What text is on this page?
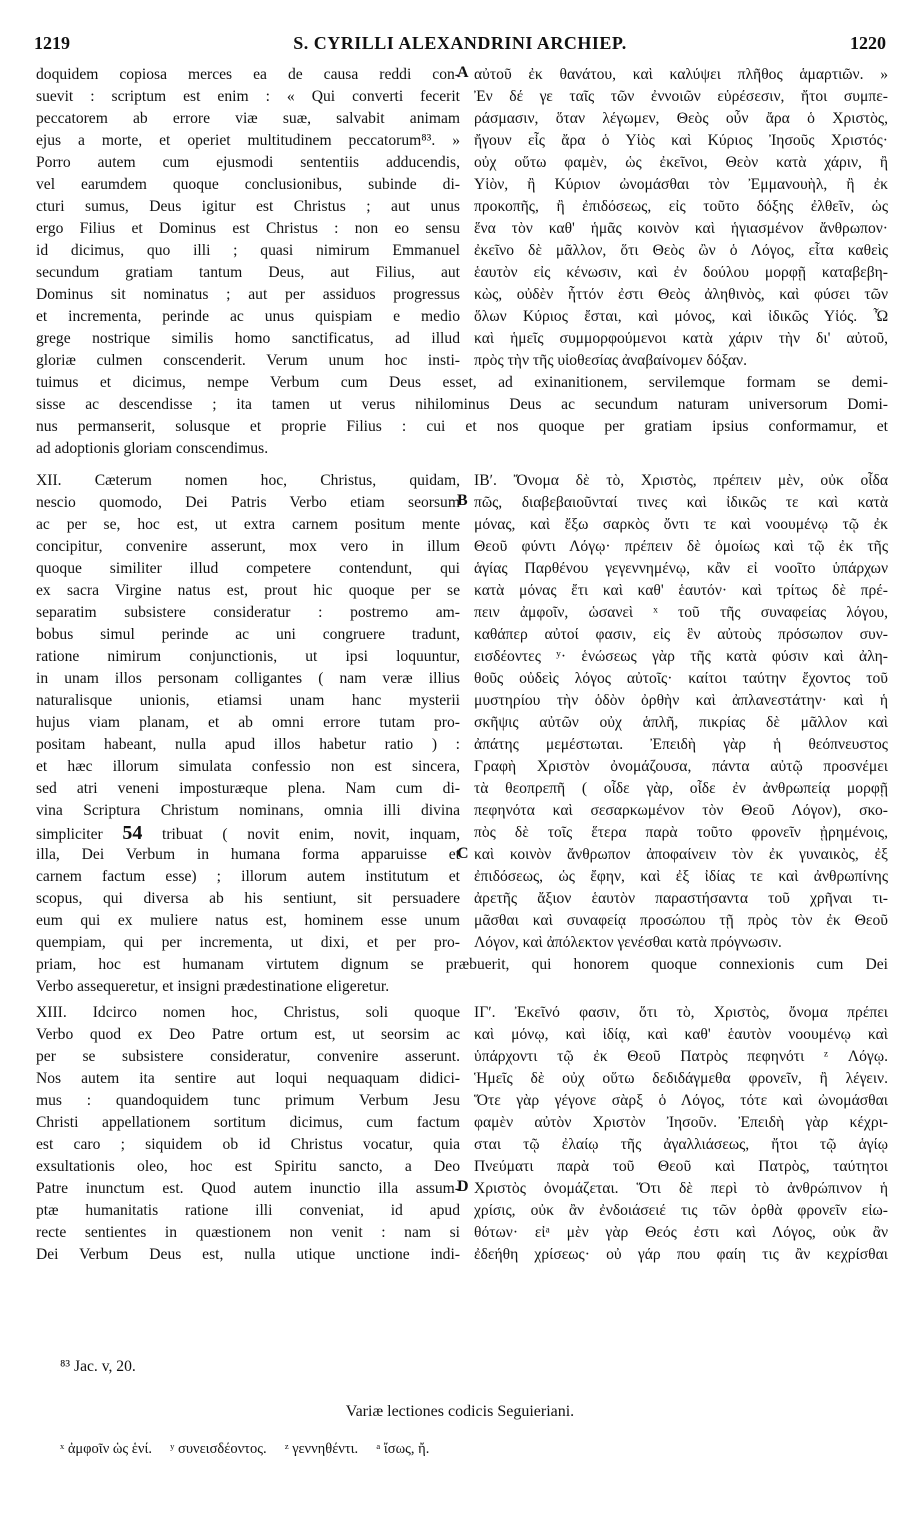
1219	S. CYRILLI ALEXANDRINI ARCHIEP.	1220
doquidem copiosa merces ea de causa reddi con-
suevit : scriptum est enim : « Qui converti fecerit
peccatorem ab errore viæ suæ, salvabit animam
ejus a morte, et operiet multitudinem peccatorum⁸³. »
Porro autem cum ejusmodi sententiis adducendis,
vel earumdem quoque conclusionibus, subinde di-
cturi sumus, Deus igitur est Christus ; aut unus
ergo Filius et Dominus est Christus : non eo sensu
id dicimus, quo illi ; quasi nimirum Emmanuel
secundum gratiam tantum Deus, aut Filius, aut
Dominus sit nominatus ; aut per assiduos progressus
et incrementa, perinde ac unus quispiam e medio
grege nostrique similis homo sanctificatus, ad illud
gloriæ culmen conscenderit. Verum unum hoc insti-
αὐτοῦ ἐκ θανάτου, καὶ καλύψει πλῆθος ἁμαρτιῶν. »
Ἐν δέ γε ταῖς τῶν ἐννοιῶν εὑρέσεσιν, ἤτοι συμπε-
ράσμασιν, ὅταν λέγωμεν, Θεὸς οὖν ἄρα ὁ Χριστὸς,
ἤγουν εἷς ἄρα ὁ Υἱὸς καὶ Κύριος Ἰησοῦς Χριστός·
οὐχ οὕτω φαμὲν, ὡς ἐκεῖνοι, Θεὸν κατὰ χάριν, ἢ
Υἱὸν, ἢ Κύριον ὠνομάσθαι τὸν Ἐμμανουὴλ, ἢ ἐκ
προκοπῆς, ἢ ἐπιδόσεως, εἰς τοῦτο δόξης ἐλθεῖν, ὡς
ἕνα τὸν καθ' ἡμᾶς κοινὸν καὶ ἡγιασμένον ἄνθρωπον·
ἐκεῖνο δὲ μᾶλλον, ὅτι Θεὸς ὢν ὁ Λόγος, εἶτα καθεὶς
ἑαυτὸν εἰς κένωσιν, καὶ ἐν δούλου μορφῇ καταβεβη-
κὼς, οὐδὲν ἧττόν ἐστι Θεὸς ἀληθινὸς, καὶ φύσει τῶν
ὅλων Κύριος ἔσται, καὶ μόνος, καὶ ἰδικῶς Υἱός. Ὦ
καὶ ἡμεῖς συμμορφούμενοι κατὰ χάριν τὴν δι' αὐτοῦ,
πρὸς τὴν τῆς υἱοθεσίας ἀναβαίνομεν δόξαν.
tuimus et dicimus, nempe Verbum cum Deus esset, ad exinanitionem, servilemque formam se demi-
sisse ac descendisse ; ita tamen ut verus nihilominus Deus ac secundum naturam universorum Domi-
nus permanserit, solusque et proprie Filius : cui et nos quoque per gratiam ipsius conformamur, et
ad adoptionis gloriam conscendimus.
XII. Cæterum nomen hoc, Christus, quidam,
nescio quomodo, Dei Patris Verbo etiam seorsum
ac per se, hoc est, ut extra carnem positum mente
concipitur, convenire asserunt, mox vero in illum
quoque similiter illud competere contendunt, qui
ex sacra Virgine natus est, prout hic quoque per se
separatim subsistere consideratur : postremo am-
bobus simul perinde ac uni congruere tradunt,
ratione nimirum conjunctionis, ut ipsi loquuntur,
in unam illos personam colligantes ( nam veræ illius
naturalisque unionis, etiamsi unam hanc mysterii
hujus viam planam, et ab omni errore tutam pro-
positam habeant, nulla apud illos habetur ratio ) :
et hæc illorum simulata confessio non est sincera,
sed atri veneni imposturæque plena. Nam cum di-
vina Scriptura Christum nominans, omnia illi divina
simpliciter 54 tribuat ( novit enim, novit, inquam,
illa, Dei Verbum in humana forma apparuisse et
carnem factum esse) ; illorum autem institutum et
scopus, qui diversa ab his sentiunt, sit persuadere
eum qui ex muliere natus est, hominem esse unum
quempiam, qui per incrementa, ut dixi, et per pro-
ΙΒʹ. Ὄνομα δὲ τὸ, Χριστὸς, πρέπειν μὲν, οὐκ οἶδα
πῶς, διαβεβαιοῦνταί τινες καὶ ἰδικῶς τε καὶ κατὰ
μόνας, καὶ ἔξω σαρκὸς ὄντι τε καὶ νοουμένῳ τῷ ἐκ
Θεοῦ φύντι Λόγῳ· πρέπειν δὲ ὁμοίως καὶ τῷ ἐκ τῆς
ἁγίας Παρθένου γεγεννημένῳ, κἂν εἰ νοοῖτο ὑπάρχων
κατὰ μόνας ἔτι καὶ καθ' ἑαυτόν· καὶ τρίτως δὲ πρέ-
πειν ἀμφοῖν, ὡσανεὶ ˣ τοῦ τῆς συναφείας λόγου,
καθάπερ αὐτοί φασιν, εἰς ἓν αὐτοὺς πρόσωπον συν-
εισδέοντες ʸ· ἑνώσεως γὰρ τῆς κατὰ φύσιν καὶ ἀλη-
θοῦς οὐδεὶς λόγος αὐτοῖς· καίτοι ταύτην ἔχοντος τοῦ
μυστηρίου τὴν ὁδὸν ὀρθὴν καὶ ἀπλανεστάτην· καὶ ἡ
σκῆψις αὐτῶν οὐχ ἁπλῆ, πικρίας δὲ μᾶλλον καὶ
ἀπάτης μεμέστωται. Ἐπειδὴ γὰρ ἡ θεόπνευστος
Γραφὴ Χριστὸν ὀνομάζουσα, πάντα αὐτῷ προσνέμει
τὰ θεοπρεπῆ ( οἶδε γὰρ, οἶδε ἐν ἀνθρωπείᾳ μορφῇ
πεφηνότα καὶ σεσαρκωμένον τὸν Θεοῦ Λόγον), σκο-
πὸς δὲ τοῖς ἕτερα παρὰ τοῦτο φρονεῖν ᾐρημένοις,
καὶ κοινὸν ἄνθρωπον ἀποφαίνειν τὸν ἐκ γυναικὸς, ἐξ
ἐπιδόσεως, ὡς ἔφην, καὶ ἐξ ἰδίας τε καὶ ἀνθρωπίνης
ἀρετῆς ἄξιον ἑαυτὸν παραστήσαντα τοῦ χρῆναι τι-
μᾶσθαι καὶ συναφείᾳ προσώπου τῇ πρὸς τὸν ἐκ Θεοῦ
Λόγον, καὶ ἀπόλεκτον γενέσθαι κατὰ πρόγνωσιν.
priam, hoc est humanam virtutem dignum se præbuerit, qui honorem quoque connexionis cum Dei
Verbo assequeretur, et insigni prædestinatione eligeretur.
XIII. Idcirco nomen hoc, Christus, soli quoque
Verbo quod ex Deo Patre ortum est, ut seorsim ac
per se subsistere consideratur, convenire asserunt.
Nos autem ita sentire aut loqui nequaquam didici-
mus : quandoquidem tunc primum Verbum Jesu
Christi appellationem sortitum dicimus, cum factum
est caro ; siquidem ob id Christus vocatur, quia
exsultationis oleo, hoc est Spiritu sancto, a Deo
Patre inunctum est. Quod autem inunctio illa assum-
ptæ humanitatis ratione illi conveniat, id apud
recte sentientes in quæstionem non venit : nam si
Dei Verbum Deus est, nulla utique unctione indi-
ΙΓʹ. Ἐκεῖνό φασιν, ὅτι τὸ, Χριστὸς, ὄνομα πρέπει
καὶ μόνῳ, καὶ ἰδίᾳ, καὶ καθ' ἑαυτὸν νοουμένῳ καὶ
ὑπάρχοντι τῷ ἐκ Θεοῦ Πατρὸς πεφηνότι ᶻ Λόγῳ.
Ἡμεῖς δὲ οὐχ οὕτω δεδιδάγμεθα φρονεῖν, ἢ λέγειν.
Ὅτε γὰρ γέγονε σὰρξ ὁ Λόγος, τότε καὶ ὠνομάσθαι
φαμὲν αὐτὸν Χριστὸν Ἰησοῦν. Ἐπειδὴ γὰρ κέχρι-
σται τῷ ἐλαίῳ τῆς ἀγαλλιάσεως, ἤτοι τῷ ἁγίῳ
Πνεύματι παρὰ τοῦ Θεοῦ καὶ Πατρὸς, ταύτητοι
Χριστὸς ὀνομάζεται. Ὅτι δὲ περὶ τὸ ἀνθρώπινον ἡ
χρίσις, οὐκ ἂν ἐνδοιάσειέ τις τῶν ὀρθὰ φρονεῖν εἰω-
θότων· εἰᵃ μὲν γὰρ Θεός ἐστι καὶ Λόγος, οὐκ ἂν
ἐδεήθη χρίσεως· οὐ γάρ που φαίη τις ἂν κεχρίσθαι
A
B
C
D
⁸³ Jac. v, 20.
Variæ lectiones codicis Seguieriani.
ˣ ἀμφοῖν ὡς ἑνί. ʸ συνεισδέοντος. ᶻ γεννηθέντι. ᵃ ἴσως, ἤ.
